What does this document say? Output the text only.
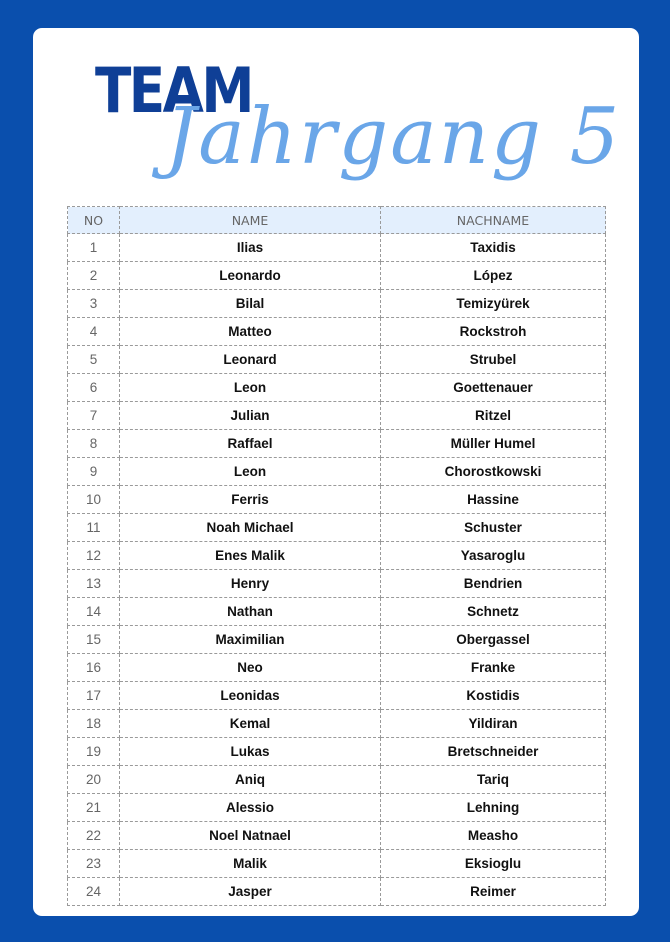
TEAM
Jahrgang 5
NO	NAME	NACHNAME
1	Ilias	Taxidis
2	Leonardo	López
3	Bilal	Temizyürek
4	Matteo	Rockstroh
5	Leonard	Strubel
6	Leon	Goettenauer
7	Julian	Ritzel
8	Raffael	Müller Humel
9	Leon	Chorostkowski
10	Ferris	Hassine
11	Noah Michael	Schuster
12	Enes Malik	Yasaroglu
13	Henry	Bendrien
14	Nathan	Schnetz
15	Maximilian	Obergassel
16	Neo	Franke
17	Leonidas	Kostidis
18	Kemal	Yildiran
19	Lukas	Bretschneider
20	Aniq	Tariq
21	Alessio	Lehning
22	Noel Natnael	Measho
23	Malik	Eksioglu
24	Jasper	Reimer
